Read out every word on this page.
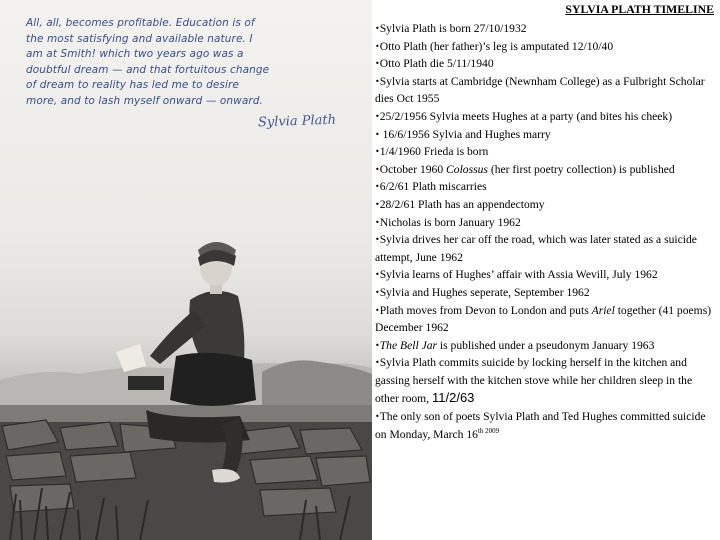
All, all, becomes profitable. Education is of
the most satisfying and available nature. I
am at Smith! which two years ago was a
doubtful dream — and that fortuitous change
of dream to reality has led me to desire
more, and to lash myself onward — onward.
Sylvia Plath
SYLVIA PLATH TIMELINE
•Sylvia Plath is born 27/10/1932
•Otto Plath (her father)’s leg is amputated 12/10/40
•Otto Plath die 5/11/1940
•Sylvia starts at Cambridge (Newnham College) as a Fulbright Scholar dies Oct 1955
•25/2/1956 Sylvia meets Hughes at a party (and bites his cheek)
• 16/6/1956 Sylvia and Hughes marry
•1/4/1960 Frieda is born
•October 1960 Colossus (her first poetry collection) is published
•6/2/61 Plath miscarries
•28/2/61 Plath has an appendectomy
•Nicholas is born January 1962
•Sylvia drives her car off the road, which was later stated as a suicide attempt, June 1962
•Sylvia learns of Hughes’ affair with Assia Wevill, July 1962
•Sylvia and Hughes seperate, September 1962
•Plath moves from Devon to London and puts Ariel together (41 poems) December 1962
•The Bell Jar is published under a pseudonym January 1963
•Sylvia Plath commits suicide by locking herself in the kitchen and gassing herself with the kitchen stove while her children sleep in the other room, 11/2/63
•The only son of poets Sylvia Plath and Ted Hughes committed suicide on Monday, March $16^{th 2009}$
